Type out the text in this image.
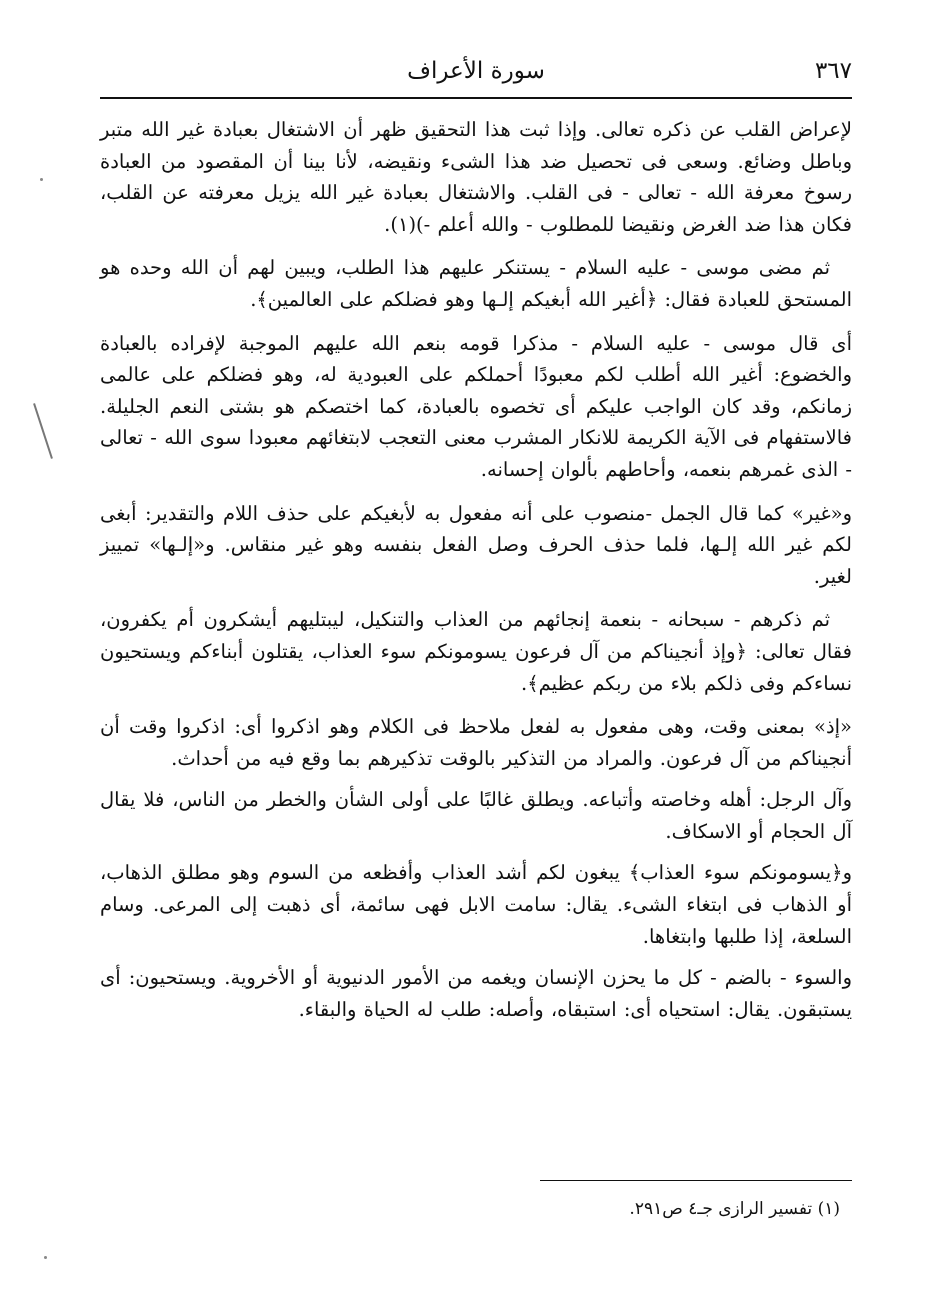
٣٦٧
سورة الأعراف

لإعراض القلب عن ذكره تعالى. وإذا ثبت هذا التحقيق ظهر أن الاشتغال بعبادة غير الله متبر وباطل وضائع. وسعى فى تحصيل ضد هذا الشىء ونقيضه، لأنا بينا أن المقصود من العبادة رسوخ معرفة الله - تعالى - فى القلب. والاشتغال بعبادة غير الله يزيل معرفته عن القلب، فكان هذا ضد الغرض ونقيضا للمطلوب - والله أعلم -)(١).

ثم مضى موسى - عليه السلام - يستنكر عليهم هذا الطلب، ويبين لهم أن الله وحده هو المستحق للعبادة فقال: ﴿أغير الله أبغيكم إلـها وهو فضلكم على العالمين﴾.

أى قال موسى - عليه السلام - مذكرا قومه بنعم الله عليهم الموجبة لإفراده بالعبادة والخضوع: أغير الله أطلب لكم معبودًا أحملكم على العبودية له، وهو فضلكم على عالمى زمانكم، وقد كان الواجب عليكم أى تخصوه بالعبادة، كما اختصكم هو بشتى النعم الجليلة. فالاستفهام فى الآية الكريمة للانكار المشرب معنى التعجب لابتغائهم معبودا سوى الله - تعالى - الذى غمرهم بنعمه، وأحاطهم بألوان إحسانه.

و«غير» كما قال الجمل -منصوب على أنه مفعول به لأبغيكم على حذف اللام والتقدير: أبغى لكم غير الله إلـها، فلما حذف الحرف وصل الفعل بنفسه وهو غير منقاس. و«إلـها» تمييز لغير.

ثم ذكرهم - سبحانه - بنعمة إنجائهم من العذاب والتنكيل، ليبتليهم أيشكرون أم يكفرون، فقال تعالى: ﴿وإذ أنجيناكم من آل فرعون يسومونكم سوء العذاب، يقتلون أبناءكم ويستحيون نساءكم وفى ذلكم بلاء من ربكم عظيم﴾.

«إذ» بمعنى وقت، وهى مفعول به لفعل ملاحظ فى الكلام وهو اذكروا أى: اذكروا وقت أن أنجيناكم من آل فرعون. والمراد من التذكير بالوقت تذكيرهم بما وقع فيه من أحداث.

وآل الرجل: أهله وخاصته وأتباعه. ويطلق غالبًا على أولى الشأن والخطر من الناس، فلا يقال آل الحجام أو الاسكاف.

و﴿يسومونكم سوء العذاب﴾ يبغون لكم أشد العذاب وأفظعه من السوم وهو مطلق الذهاب، أو الذهاب فى ابتغاء الشىء. يقال: سامت الابل فهى سائمة، أى ذهبت إلى المرعى. وسام السلعة، إذا طلبها وابتغاها.

والسوء - بالضم - كل ما يحزن الإنسان ويغمه من الأمور الدنيوية أو الأخروية. ويستحيون: أى يستبقون. يقال: استحياه أى: استبقاه، وأصله: طلب له الحياة والبقاء.

(١) تفسير الرازى جـ٤ ص٢٩١.
